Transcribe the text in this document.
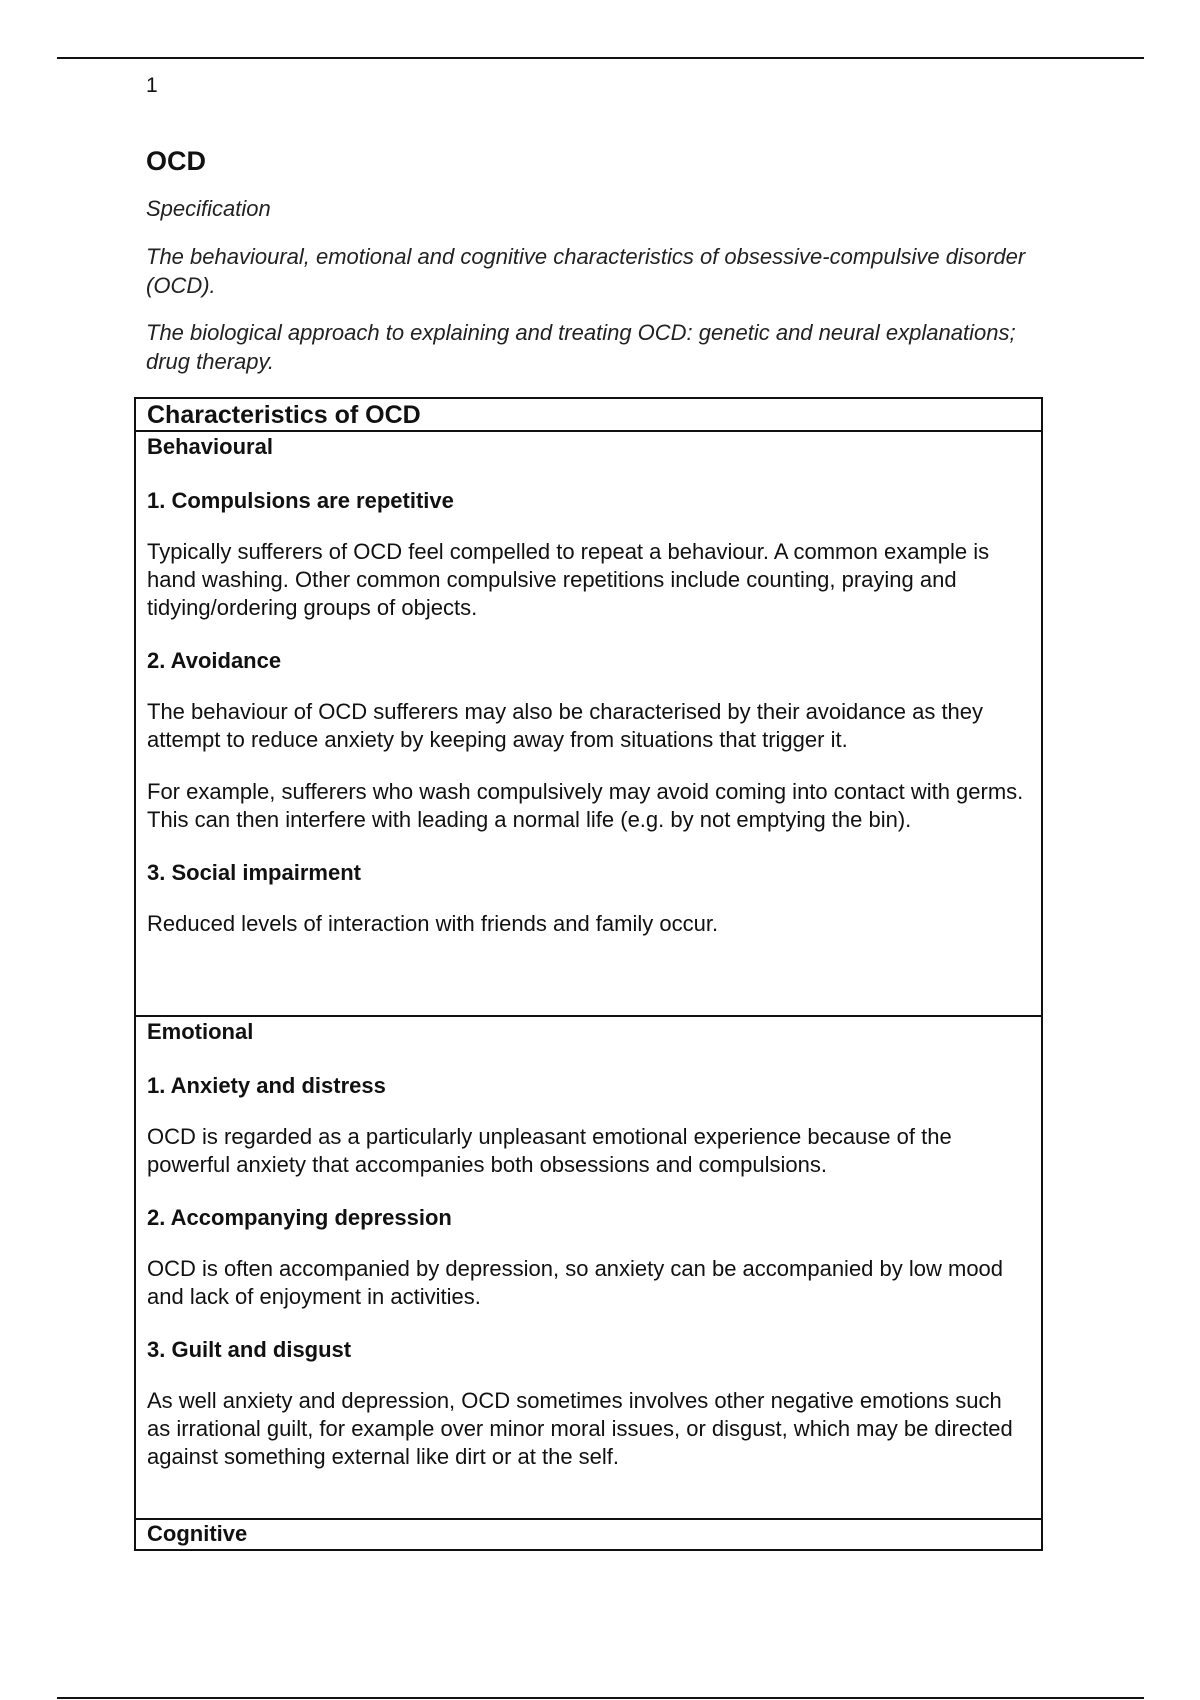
1
OCD

Specification

The behavioural, emotional and cognitive characteristics of obsessive-compulsive disorder (OCD).

The biological approach to explaining and treating OCD: genetic and neural explanations; drug therapy.

Characteristics of OCD

Behavioural

1. Compulsions are repetitive

Typically sufferers of OCD feel compelled to repeat a behaviour. A common example is hand washing. Other common compulsive repetitions include counting, praying and tidying/ordering groups of objects.

2. Avoidance

The behaviour of OCD sufferers may also be characterised by their avoidance as they attempt to reduce anxiety by keeping away from situations that trigger it.

For example, sufferers who wash compulsively may avoid coming into contact with germs. This can then interfere with leading a normal life (e.g. by not emptying the bin).

3. Social impairment

Reduced levels of interaction with friends and family occur.

Emotional

1. Anxiety and distress

OCD is regarded as a particularly unpleasant emotional experience because of the powerful anxiety that accompanies both obsessions and compulsions.

2. Accompanying depression

OCD is often accompanied by depression, so anxiety can be accompanied by low mood and lack of enjoyment in activities.

3. Guilt and disgust

As well anxiety and depression, OCD sometimes involves other negative emotions such as irrational guilt, for example over minor moral issues, or disgust, which may be directed against something external like dirt or at the self.

Cognitive
